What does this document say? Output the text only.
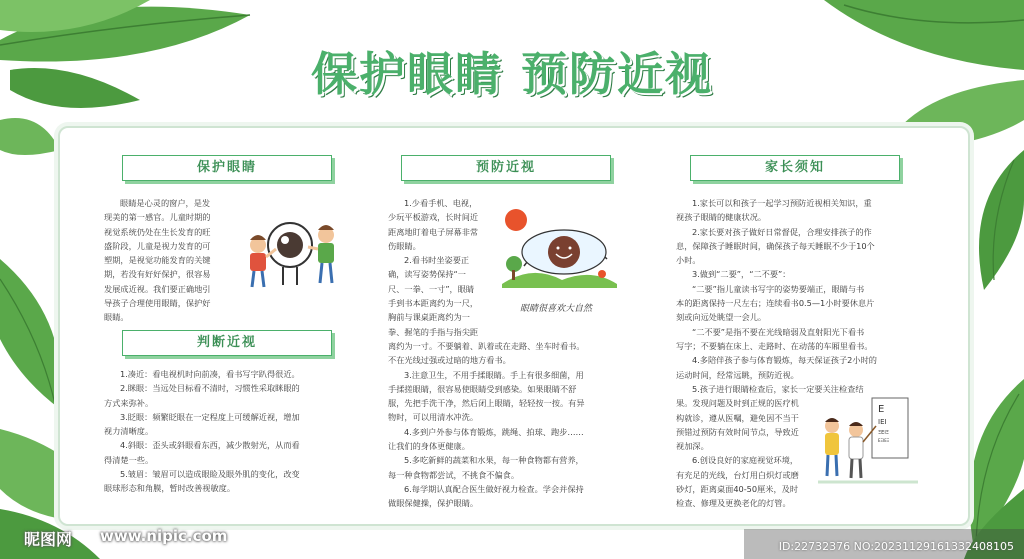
保护眼睛 预防近视
保护眼睛

眼睛是心灵的窗户，是发

现美的第一感官。儿童时期的

视觉系统仍处在生长发育的旺

盛阶段，儿童是视力发育的可

塑期，是视觉功能发育的关键

期，若没有好好保护，很容易

发展成近视。我们要正确地引

导孩子合理使用眼睛，保护好

眼睛。

判断近视

1.凑近：看电视机时向前凑，看书写字趴得很近。

2.眯眼：当远处目标看不清时，习惯性采取眯眼的

方式来弥补。

3.眨眼：频繁眨眼在一定程度上可缓解近视，增加

视力清晰度。

4.斜眼：歪头或斜眼看东西，减少散射光，从而看

得清楚一些。

5.皱眉：皱眉可以造成眼睑及眼外肌的变化，改变

眼球形态和角膜，暂时改善视敏度。

预防近视

1.少看手机、电视，

少玩平板游戏，长时间近

距离地盯着电子屏幕非常

伤眼睛。

2.看书时坐姿要正

确，读写姿势保持“一

尺、一拳、一寸”，眼睛

手到书本距离约为一尺，

胸前与课桌距离约为一

拳、握笔的手指与指尖距

眼睛很喜欢大自然

离约为一寸。不要躺着、趴着或在走路、坐车时看书。

不在光线过强或过暗的地方看书。

3.注意卫生，不用手揉眼睛。手上有很多细菌，用

手揉搓眼睛，很容易使眼睛受到感染。如果眼睛不舒

服，先把手洗干净，然后闭上眼睛，轻轻按一按。有异

物时，可以用清水冲洗。

4.多到户外参与体育锻炼，跳绳、拍球、跑步……

让我们的身体更健康。

5.多吃新鲜的蔬菜和水果，每一种食物都有营养，

每一种食物都尝试，不挑食不偏食。

6.每学期认真配合医生做好视力检查。学会并保持

做眼保健操，保护眼睛。

家长须知

1.家长可以和孩子一起学习预防近视相关知识，重

视孩子眼睛的健康状况。

2.家长要对孩子做好日常督促，合理安排孩子的作

息，保障孩子睡眠时间，确保孩子每天睡眠不少于10个

小时。

3.做到“二要”，“二不要”：

“二要”指儿童读书写字的姿势要端正，眼睛与书

本的距离保持一尺左右；连续看书0.5—1小时要休息片

刻或向远处眺望一会儿。

“二不要”是指不要在光线暗弱及直射阳光下看书

写字；不要躺在床上、走路时、在动荡的车厢里看书。

4.多陪伴孩子参与体育锻炼，每天保证孩子2小时的

运动时间，经常远眺，预防近视。

5.孩子进行眼睛检查后，家长一定要关注检查结

果。发现问题及时到正规的医疗机

构就诊，遵从医嘱，避免因不当干

预错过预防有效时间节点，导致近

视加深。

6.创设良好的家庭视觉环境，

有充足的光线，台灯用白炽灯或磨

砂灯，距离桌面40-50厘米，及时

检查、修理及更换老化的灯管。

E
ΙΕΙ
ΞΕΙΞ
ΕΞΙΕΞ
昵图网 www.nipic.com
ID:22732376 NO:20231129161332408105
